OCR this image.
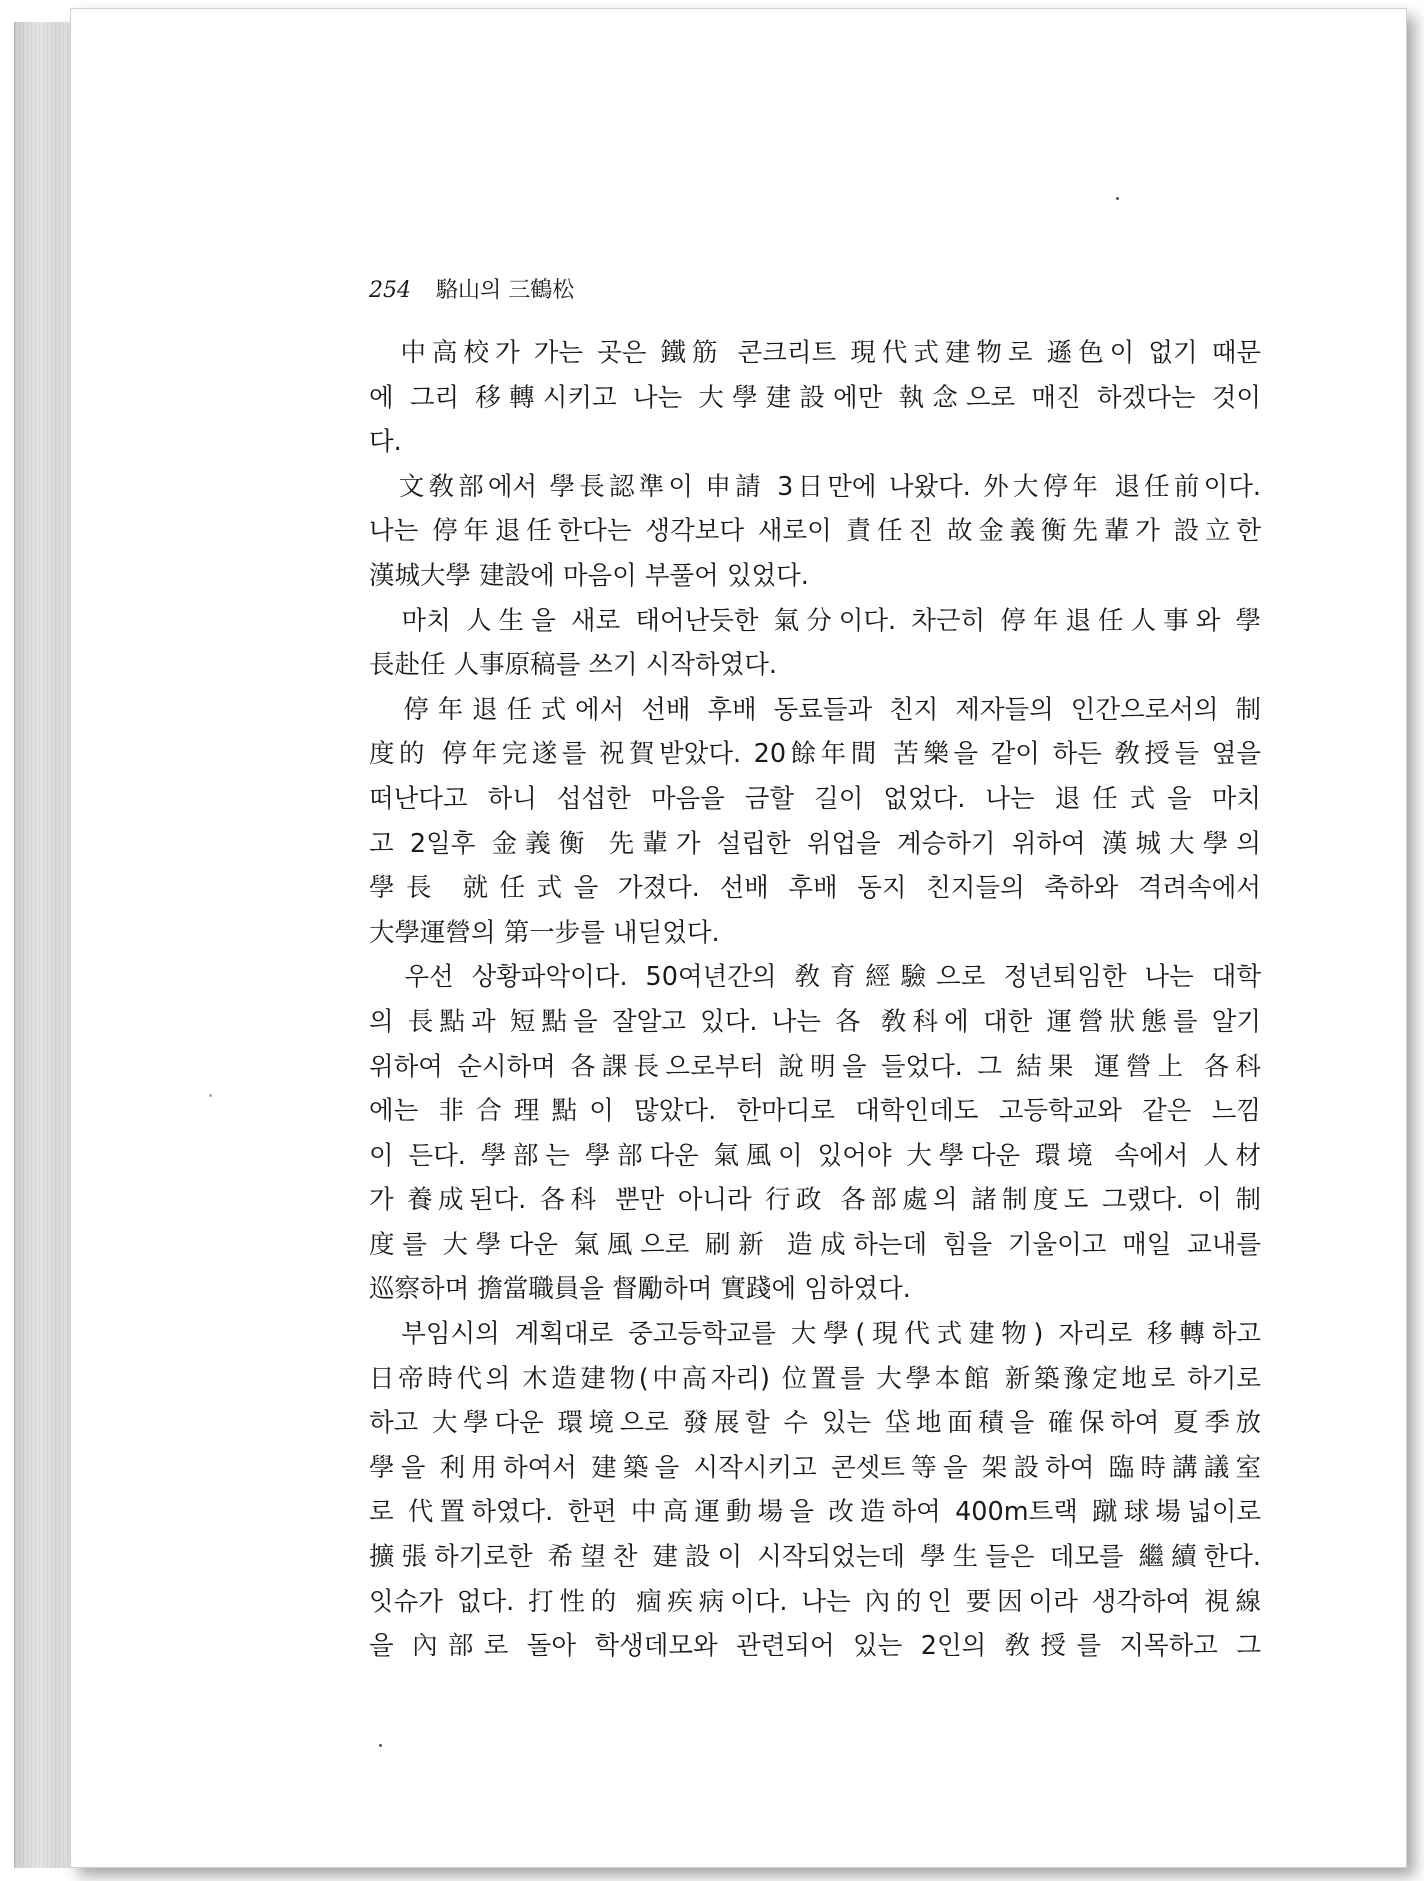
254 駱山의 三鶴松
　中高校가 가는 곳은 鐵筋 콘크리트 現代式建物로 遜色이 없기 때문
에 그리 移轉시키고 나는 大學建設에만 執念으로 매진 하겠다는 것이
다.
　文敎部에서 學長認準이 申請 3日만에 나왔다. 外大停年 退任前이다.
나는 停年退任한다는 생각보다 새로이 責任진 故金義衡先輩가 設立한
漢城大學 建設에 마음이 부풀어 있었다.
　마치 人生을 새로 태어난듯한 氣分이다. 차근히 停年退任人事와 學
長赴任 人事原稿를 쓰기 시작하였다.
　停年退任式에서 선배 후배 동료들과 친지 제자들의 인간으로서의 制
度的 停年完遂를 祝賀받았다. 20餘年間 苦樂을 같이 하든 敎授들 옆을
떠난다고 하니 섭섭한 마음을 금할 길이 없었다. 나는 退任式을 마치
고 2일후 金義衡 先輩가 설립한 위업을 계승하기 위하여 漢城大學의
學長 就任式을 가졌다. 선배 후배 동지 친지들의 축하와 격려속에서
大學運營의 第一步를 내딛었다.
　우선 상황파악이다. 50여년간의 敎育經驗으로 정년퇴임한 나는 대학
의 長點과 短點을 잘알고 있다. 나는 各 敎科에 대한 運營狀態를 알기
위하여 순시하며 各課長으로부터 說明을 들었다. 그 結果 運營上 各科
에는 非合理點이 많았다. 한마디로 대학인데도 고등학교와 같은 느낌
이 든다. 學部는 學部다운 氣風이 있어야 大學다운 環境 속에서 人材
가 養成된다. 各科 뿐만 아니라 行政 各部處의 諸制度도 그랬다. 이 制
度를 大學다운 氣風으로 刷新 造成하는데 힘을 기울이고 매일 교내를
巡察하며 擔當職員을 督勵하며 實踐에 임하였다.
　부임시의 계획대로 중고등학교를 大學(現代式建物) 자리로 移轉하고
日帝時代의 木造建物(中高자리) 位置를 大學本館 新築豫定地로 하기로
하고 大學다운 環境으로 發展할 수 있는 垈地面積을 確保하여 夏季放
學을 利用하여서 建築을 시작시키고 콘셋트等을 架設하여 臨時講議室
로 代置하였다. 한편 中高運動場을 改造하여 400m트랙 蹴球場넓이로
擴張하기로한 希望찬 建設이 시작되었는데 學生들은 데모를 繼續한다.
잇슈가 없다. 打性的 痼疾病이다. 나는 內的인 要因이라 생각하여 視線
을 內部로 돌아 학생데모와 관련되어 있는 2인의 敎授를 지목하고 그
